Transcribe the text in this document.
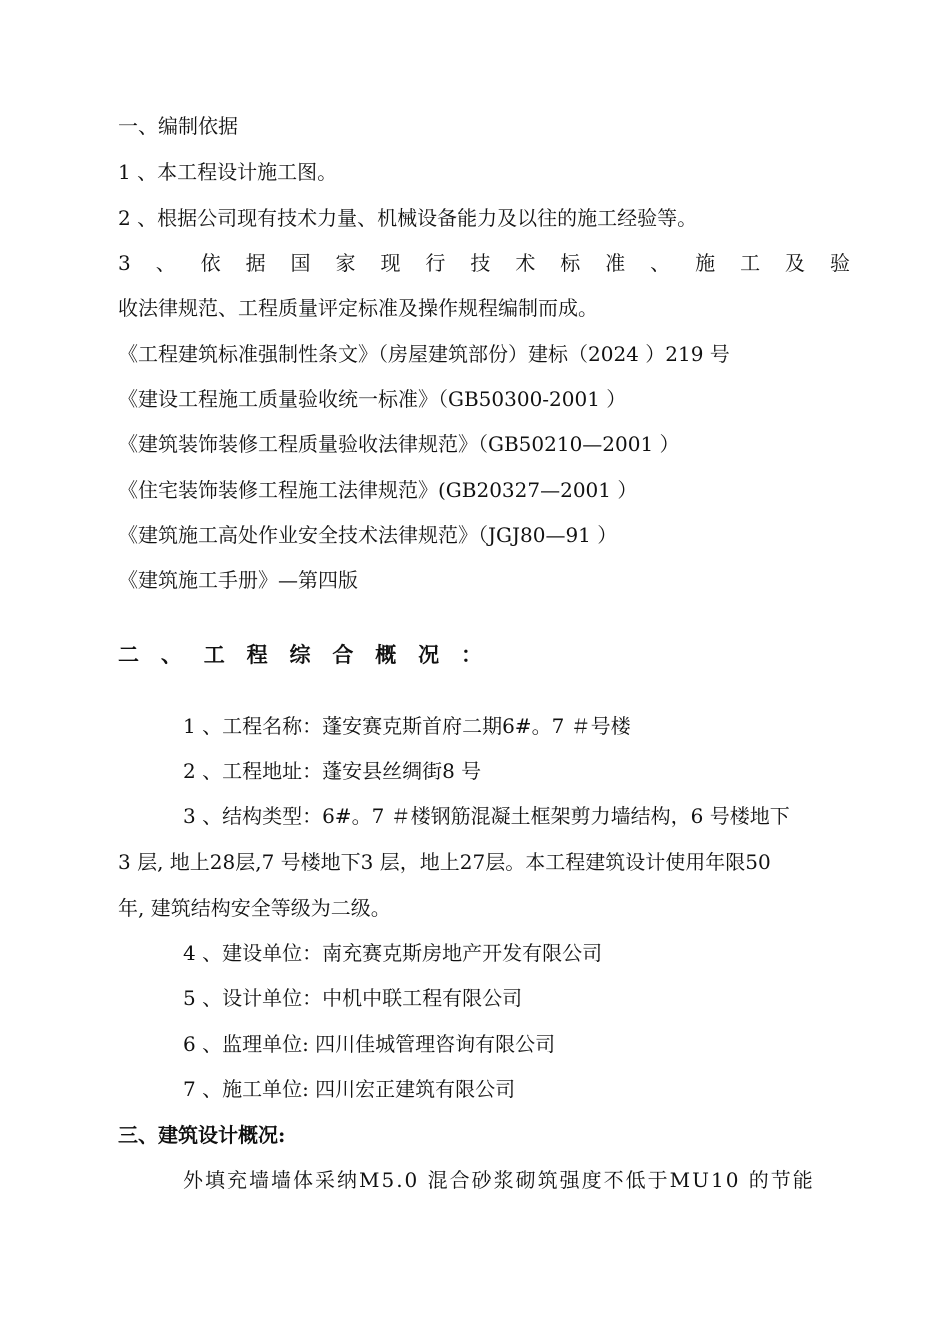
一、编制依据
1 、本工程设计施工图。
2 、根据公司现有技术力量、机械设备能力及以往的施工经验等。
3 、 依 据 国 家 现 行 技 术 标 准 、 施 工 及 验
收法律规范、工程质量评定标准及操作规程编制而成。
《工程建筑标准强制性条文》（房屋建筑部份）建标（2024 ）219 号
《建设工程施工质量验收统一标准》（GB50300-2001 ）
《建筑装饰装修工程质量验收法律规范》（GB50210—2001 ）
《住宅装饰装修工程施工法律规范》(GB20327—2001 ）
《建筑施工高处作业安全技术法律规范》（JGJ80—91 ）
《建筑施工手册》—第四版
二 、 工 程 综 合 概 况 ：
1 、工程名称：蓬安赛克斯首府二期6#。7 ＃号楼
2 、工程地址：蓬安县丝绸街8 号
3 、结构类型：6#。7 ＃楼钢筋混凝土框架剪力墙结构，6 号楼地下
3 层, 地上28层,7 号楼地下3 层，地上27层。本工程建筑设计使用年限50
年, 建筑结构安全等级为二级。
4 、建设单位：南充赛克斯房地产开发有限公司
5 、设计单位：中机中联工程有限公司
6 、监理单位: 四川佳城管理咨询有限公司
7 、施工单位: 四川宏正建筑有限公司
三、建筑设计概况:
外填充墙墙体采纳M5.0 混合砂浆砌筑强度不低于MU10 的节能
